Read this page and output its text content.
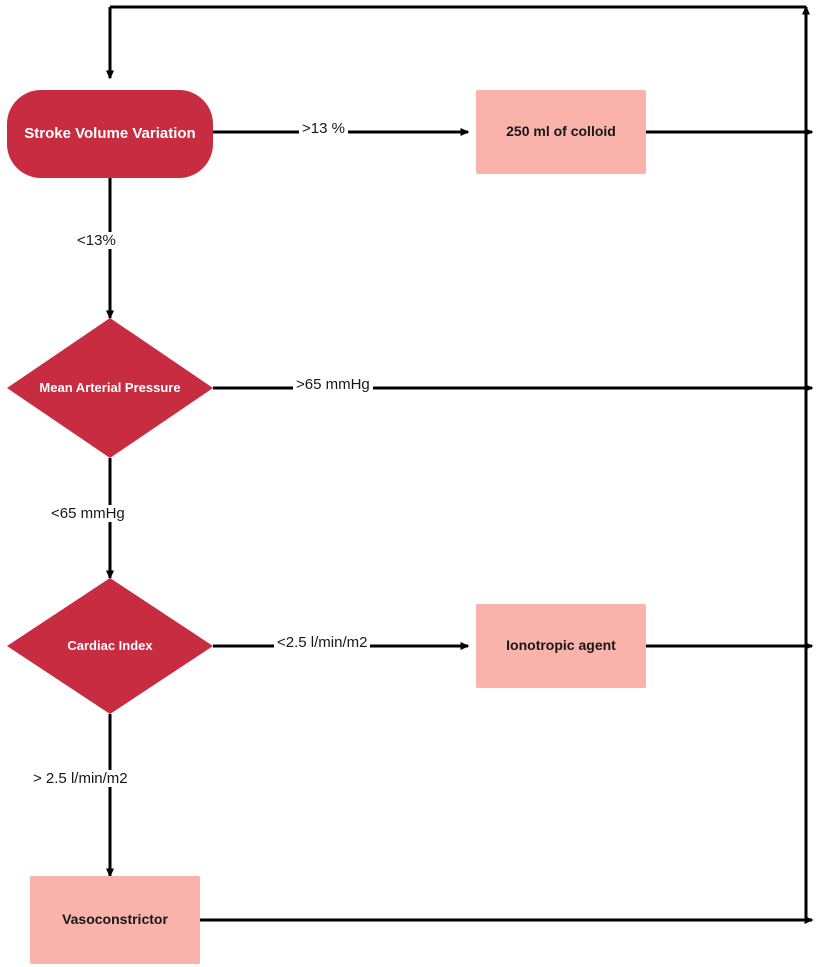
Stroke Volume Variation	250 ml of colloid
Mean Arterial Pressure
Cardiac Index	Ionotropic agent
Vasoconstrictor
>13 %
<13%
>65 mmHg
<65 mmHg
<2.5 l/min/m2
> 2.5 l/min/m2
